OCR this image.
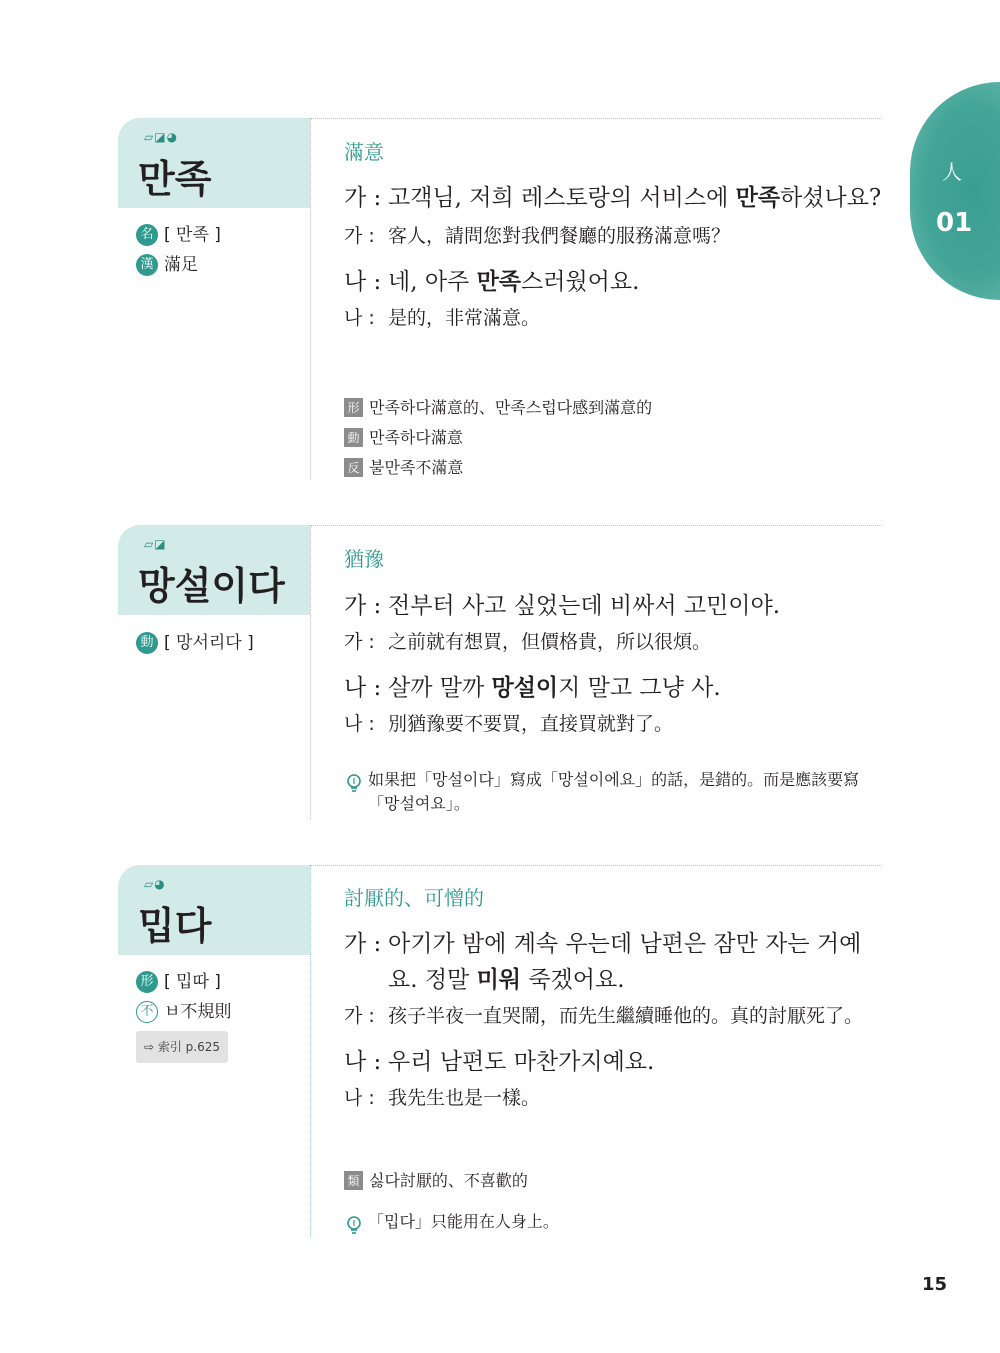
人
01
▱◪◕
만족
名 [ 만족 ]
漢 滿足
滿意
가 : 고객님, 저희 레스토랑의 서비스에 만족하셨나요?
가 : 客人，請問您對我們餐廳的服務滿意嗎？
나 : 네, 아주 만족스러웠어요.
나 : 是的，非常滿意。
形 만족하다滿意的、만족스럽다感到滿意的
動 만족하다滿意
反 불만족不滿意
▱◪
망설이다
動 [ 망서리다 ]
猶豫
가 : 전부터 사고 싶었는데 비싸서 고민이야.
가 : 之前就有想買，但價格貴，所以很煩。
나 : 살까 말까 망설이지 말고 그냥 사.
나 : 別猶豫要不要買，直接買就對了。
如果把「망설이다」寫成「망설이에요」的話，是錯的。而是應該要寫「망설여요」。
▱◕
밉다
形 [ 밉따 ]
不 ㅂ不規則
⇨ 索引 p.625
討厭的、可憎的
가 : 아기가 밤에 계속 우는데 남편은 잠만 자는 거예요. 정말 미워 죽겠어요.
가 : 孩子半夜一直哭鬧，而先生繼續睡他的。真的討厭死了。
나 : 우리 남편도 마찬가지예요.
나 : 我先生也是一樣。
類 싫다討厭的、不喜歡的
「밉다」只能用在人身上。
15
